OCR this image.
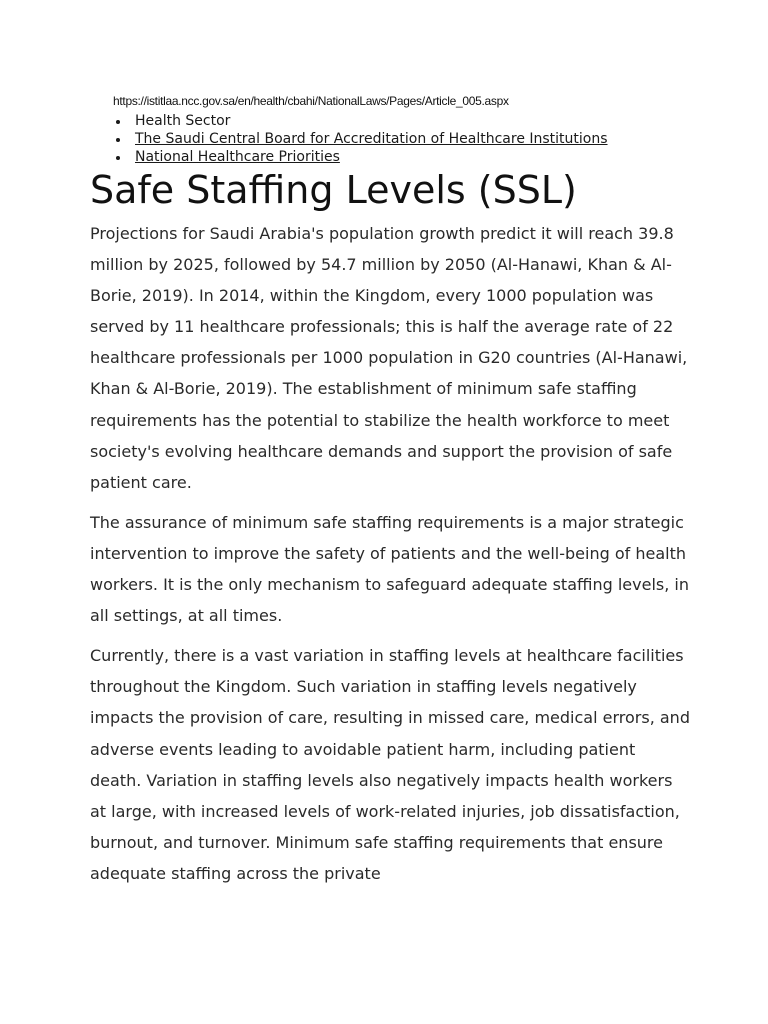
https://istitlaa.ncc.gov.sa/en/health/cbahi/NationalLaws/Pages/Article_005.aspx

Health Sector
The Saudi Central Board for Accreditation of Healthcare Institutions
National Healthcare Priorities
Safe Staffing Levels (SSL)

Projections for Saudi Arabia's population growth predict it will reach 39.8 million by 2025, followed by 54.7 million by 2050 (Al-Hanawi, Khan & Al-Borie, 2019). In 2014, within the Kingdom, every 1000 population was served by 11 healthcare professionals; this is half the average rate of 22 healthcare professionals per 1000 population in G20 countries (Al-Hanawi, Khan & Al-Borie, 2019). The establishment of minimum safe staffing requirements has the potential to stabilize the health workforce to meet society's evolving healthcare demands and support the provision of safe patient care.

The assurance of minimum safe staffing requirements is a major strategic intervention to improve the safety of patients and the well-being of health workers. It is the only mechanism to safeguard adequate staffing levels, in all settings, at all times.

Currently, there is a vast variation in staffing levels at healthcare facilities throughout the Kingdom. Such variation in staffing levels negatively impacts the provision of care, resulting in missed care, medical errors, and adverse events leading to avoidable patient harm, including patient death. Variation in staffing levels also negatively impacts health workers at large, with increased levels of work-related injuries, job dissatisfaction, burnout, and turnover. Minimum safe staffing requirements that ensure adequate staffing across the private
